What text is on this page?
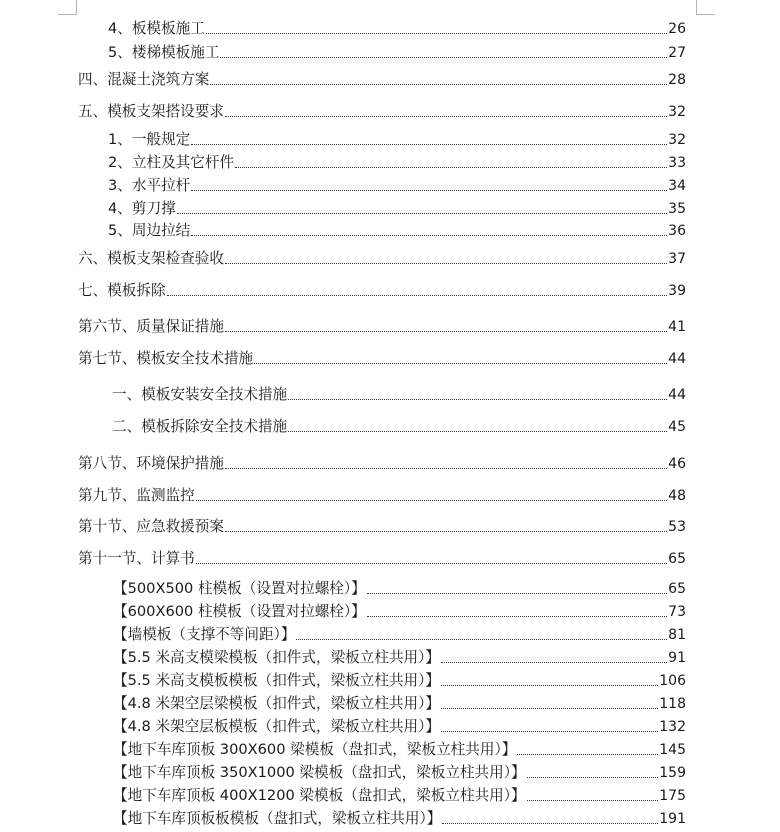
4、板模板施工	26
5、楼梯模板施工	27
四、混凝土浇筑方案	28
五、模板支架搭设要求	32
1、一般规定	32
2、立柱及其它杆件	33
3、水平拉杆	34
4、剪刀撑	35
5、周边拉结	36
六、模板支架检查验收	37
七、模板拆除	39
第六节、质量保证措施	41
第七节、模板安全技术措施	44
一、模板安装安全技术措施	44
二、模板拆除安全技术措施	45
第八节、环境保护措施	46
第九节、监测监控	48
第十节、应急救援预案	53
第十一节、计算书	65
【500X500 柱模板（设置对拉螺栓）】	65
【600X600 柱模板（设置对拉螺栓）】	73
【墙模板（支撑不等间距）】	81
【5.5 米高支模梁模板（扣件式，梁板立柱共用）】	91
【5.5 米高支模板模板（扣件式，梁板立柱共用）】	106
【4.8 米架空层梁模板（扣件式，梁板立柱共用）】	118
【4.8 米架空层板模板（扣件式，梁板立柱共用）】	132
【地下车库顶板 300X600 梁模板（盘扣式，梁板立柱共用）】	145
【地下车库顶板 350X1000 梁模板（盘扣式，梁板立柱共用）】	159
【地下车库顶板 400X1200 梁模板（盘扣式，梁板立柱共用）】	175
【地下车库顶板板模板（盘扣式，梁板立柱共用）】	191
